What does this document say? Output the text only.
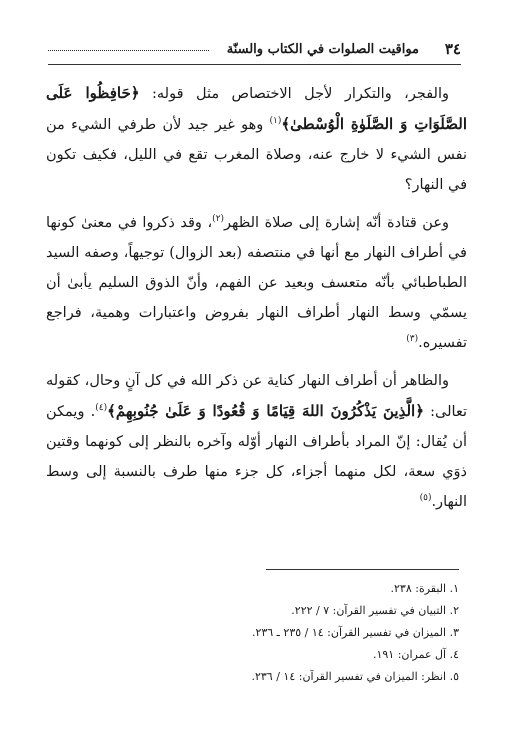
٣٤
مواقيت الصلوات في الكتاب والسنّة

والفجر، والتكرار لأجل الاختصاص مثل قوله: ﴿حَافِظُوا عَلَى الصَّلَوَاتِ وَ الصَّلَوٰةِ الْوُسْطىٰ﴾$^{(١)}$ وهو غير جيد لأن طرفي الشيء من نفس الشيء لا خارج عنه، وصلاة المغرب تقع في الليل، فكيف تكون في النهار؟

وعن قتادة أنّه إشارة إلى صلاة الظهر$^{(٢)}$، وقد ذكروا في معنىٰ كونها في أطراف النهار مع أنها في منتصفه (بعد الزوال) توجيهاً، وصفه السيد الطباطبائي بأنّه متعسف وبعيد عن الفهم، وأنّ الذوق السليم يأبىٰ أن يسمّي وسط النهار أطراف النهار بفروض واعتبارات وهمية، فراجع تفسيره.$^{(٣)}$

والظاهر أن أطراف النهار كناية عن ذكر الله في كل آنٍ وحال، كقوله تعالى: ﴿الَّذِينَ يَذْكُرُونَ اللهَ قِيَامًا وَ قُعُودًا وَ عَلَىٰ جُنُوبِهِمْ﴾$^{(٤)}$. ويمكن أن يُقال: إنّ المراد بأطراف النهار أوّله وآخره بالنظر إلى كونهما وقتين ذوَي سعة، لكل منهما أجزاء، كل جزء منها طرف بالنسبة إلى وسط النهار.$^{(٥)}$

١. البقرة: ٢٣٨.
٢. التبيان في تفسير القرآن: ٧ / ٢٢٢.
٣. الميزان في تفسير القرآن: ١٤ / ٢٣٥ ـ ٢٣٦.
٤. آل عمران: ١٩١.
٥. انظر: الميزان في تفسير القرآن: ١٤ / ٢٣٦.
